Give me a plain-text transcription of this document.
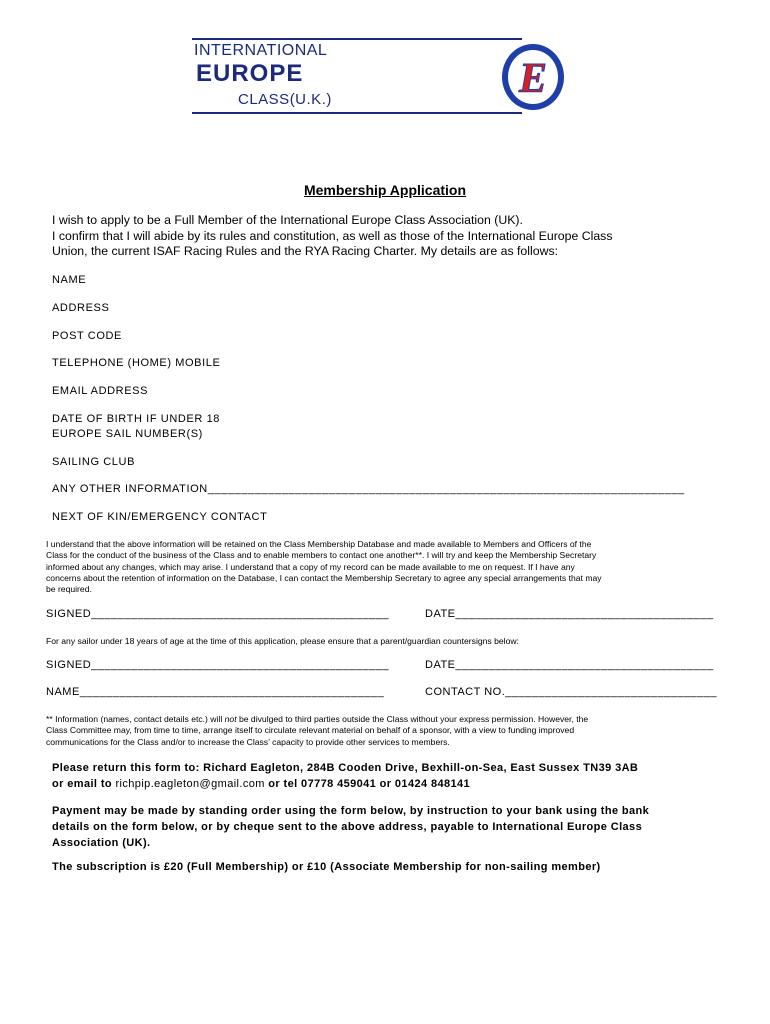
INTERNATIONAL
EUROPE
CLASS(U.K.)	E
Membership Application
I wish to apply to be a Full Member of the International Europe Class Association (UK).
I confirm that I will abide by its rules and constitution, as well as those of the International Europe Class
Union, the current ISAF Racing Rules and the RYA Racing Charter. My details are as follows:
NAME
ADDRESS
POST CODE
TELEPHONE (HOME) MOBILE
EMAIL ADDRESS
DATE OF BIRTH IF UNDER 18
EUROPE SAIL NUMBER(S)
SAILING CLUB
ANY OTHER INFORMATION_______________________________________________________________________
NEXT OF KIN/EMERGENCY CONTACT
I understand that the above information will be retained on the Class Membership Database and made available to Members and Officers of the
Class for the conduct of the business of the Class and to enable members to contact one another**. I will try and keep the Membership Secretary
informed about any changes, which may arise. I understand that a copy of my record can be made available to me on request. If I have any
concerns about the retention of information on the Database, I can contact the Membership Secretary to agree any special arrangements that may
be required.
SIGNED_____________________________________________	DATE_______________________________________
For any sailor under 18 years of age at the time of this application, please ensure that a parent/guardian countersigns below:
SIGNED_____________________________________________	DATE_______________________________________
NAME______________________________________________	CONTACT NO.________________________________
** Information (names, contact details etc.) will not be divulged to third parties outside the Class without your express permission. However, the
Class Committee may, from time to time, arrange itself to circulate relevant material on behalf of a sponsor, with a view to funding improved
communications for the Class and/or to increase the Class’ capacity to provide other services to members.
Please return this form to: Richard Eagleton, 284B Cooden Drive, Bexhill-on-Sea, East Sussex TN39 3AB
or email to richpip.eagleton@gmail.com or tel 07778 459041 or 01424 848141
Payment may be made by standing order using the form below, by instruction to your bank using the bank
details on the form below, or by cheque sent to the above address, payable to International Europe Class
Association (UK).
The subscription is £20 (Full Membership) or £10 (Associate Membership for non-sailing member)
